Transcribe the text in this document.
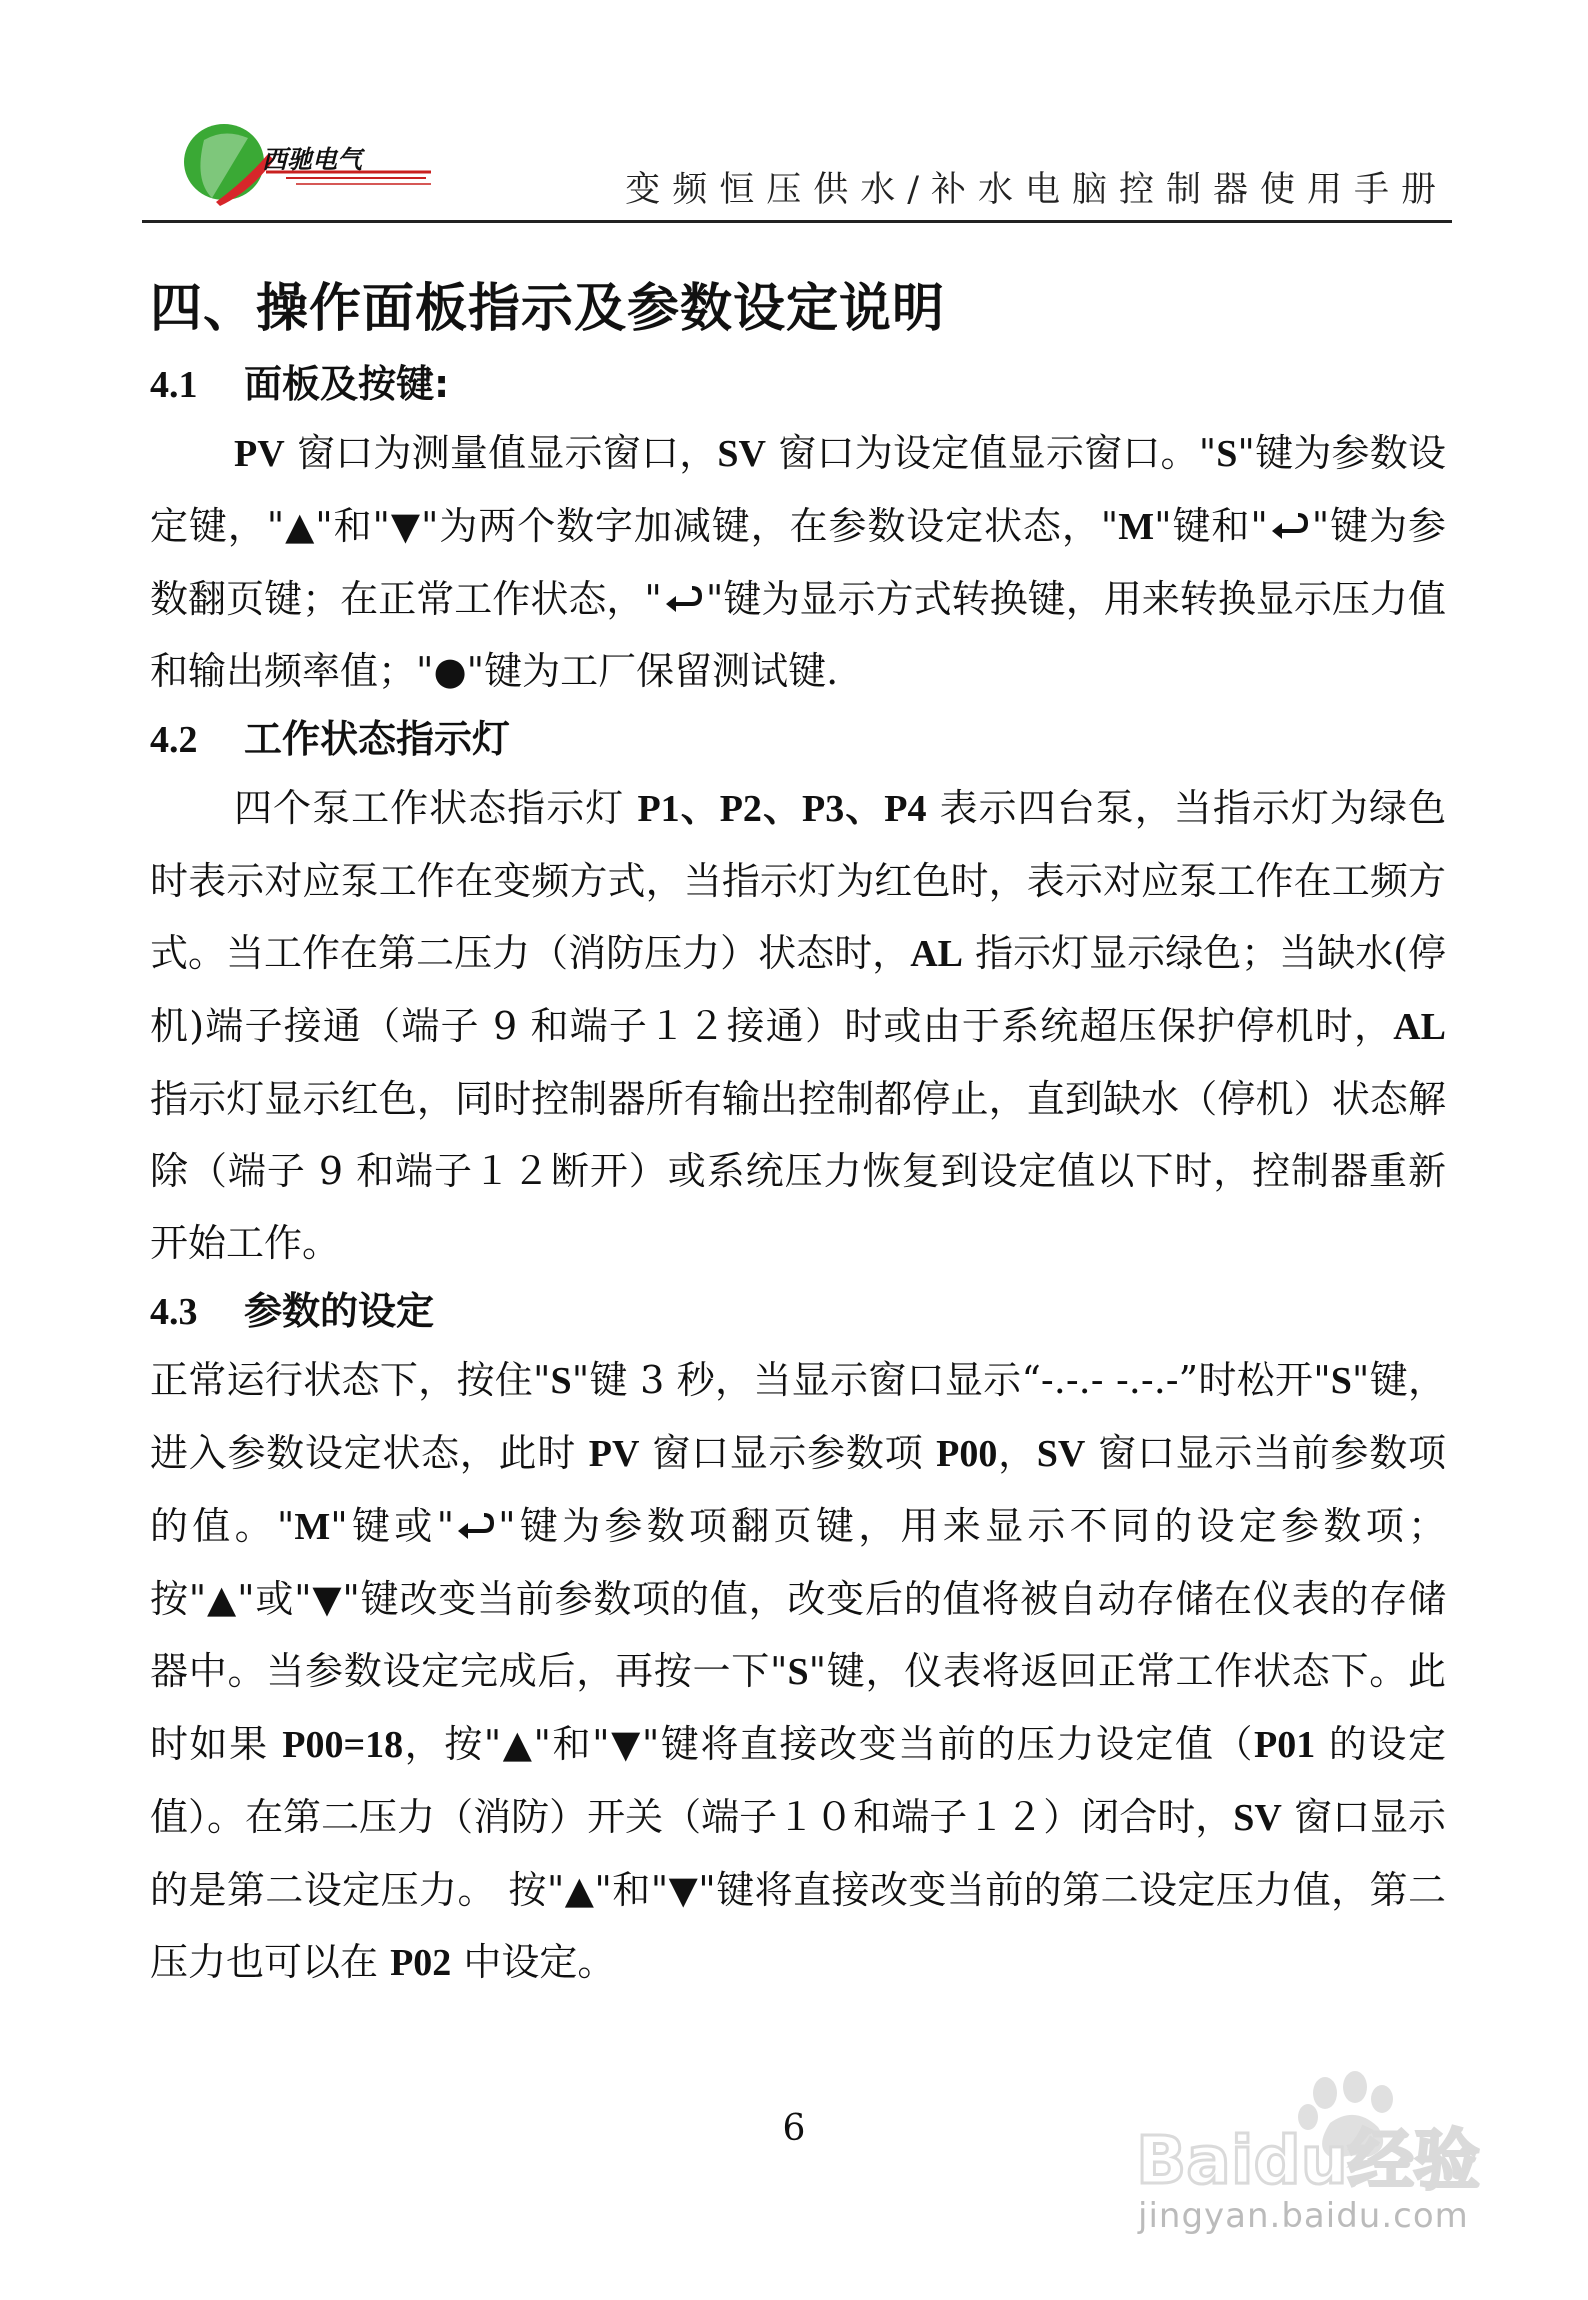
西驰电气
变频恒压供水/补水电脑控制器使用手册
四、操作面板指示及参数设定说明
4.1 面板及按键:

PV 窗口为测量值显示窗口，SV 窗口为设定值显示窗口。"S"键为参数设定键，"▲"和"▼"为两个数字加减键，在参数设定状态，"M"键和" "键为参数翻页键；在正常工作状态，" "键为显示方式转换键，用来转换显示压力值和输出频率值；"●"键为工厂保留测试键.

4.2 工作状态指示灯

四个泵工作状态指示灯 P1、P2、P3、P4 表示四台泵，当指示灯为绿色时表示对应泵工作在变频方式，当指示灯为红色时，表示对应泵工作在工频方式。当工作在第二压力（消防压力）状态时，AL 指示灯显示绿色；当缺水(停机)端子接通（端子 9 和端子１２接通）时或由于系统超压保护停机时，AL 指示灯显示红色，同时控制器所有输出控制都停止，直到缺水（停机）状态解除（端子 9 和端子１２断开）或系统压力恢复到设定值以下时，控制器重新开始工作。

4.3 参数的设定

正常运行状态下，按住"S"键 3 秒，当显示窗口显示“-.-.- -.-.-”时松开"S"键，进入参数设定状态，此时 PV 窗口显示参数项 P00，SV 窗口显示当前参数项的值。"M"键或" "键为参数项翻页键，用来显示不同的设定参数项；按"▲"或"▼"键改变当前参数项的值，改变后的值将被自动存储在仪表的存储器中。当参数设定完成后，再按一下"S"键，仪表将返回正常工作状态下。此时如果 P00=18，按"▲"和"▼"键将直接改变当前的压力设定值（P01 的设定值）。在第二压力（消防）开关（端子１０和端子１２）闭合时，SV 窗口显示的是第二设定压力。 按"▲"和"▼"键将直接改变当前的第二设定压力值，第二压力也可以在 P02 中设定。

6	Baidu经验
jingyan.baidu.com
